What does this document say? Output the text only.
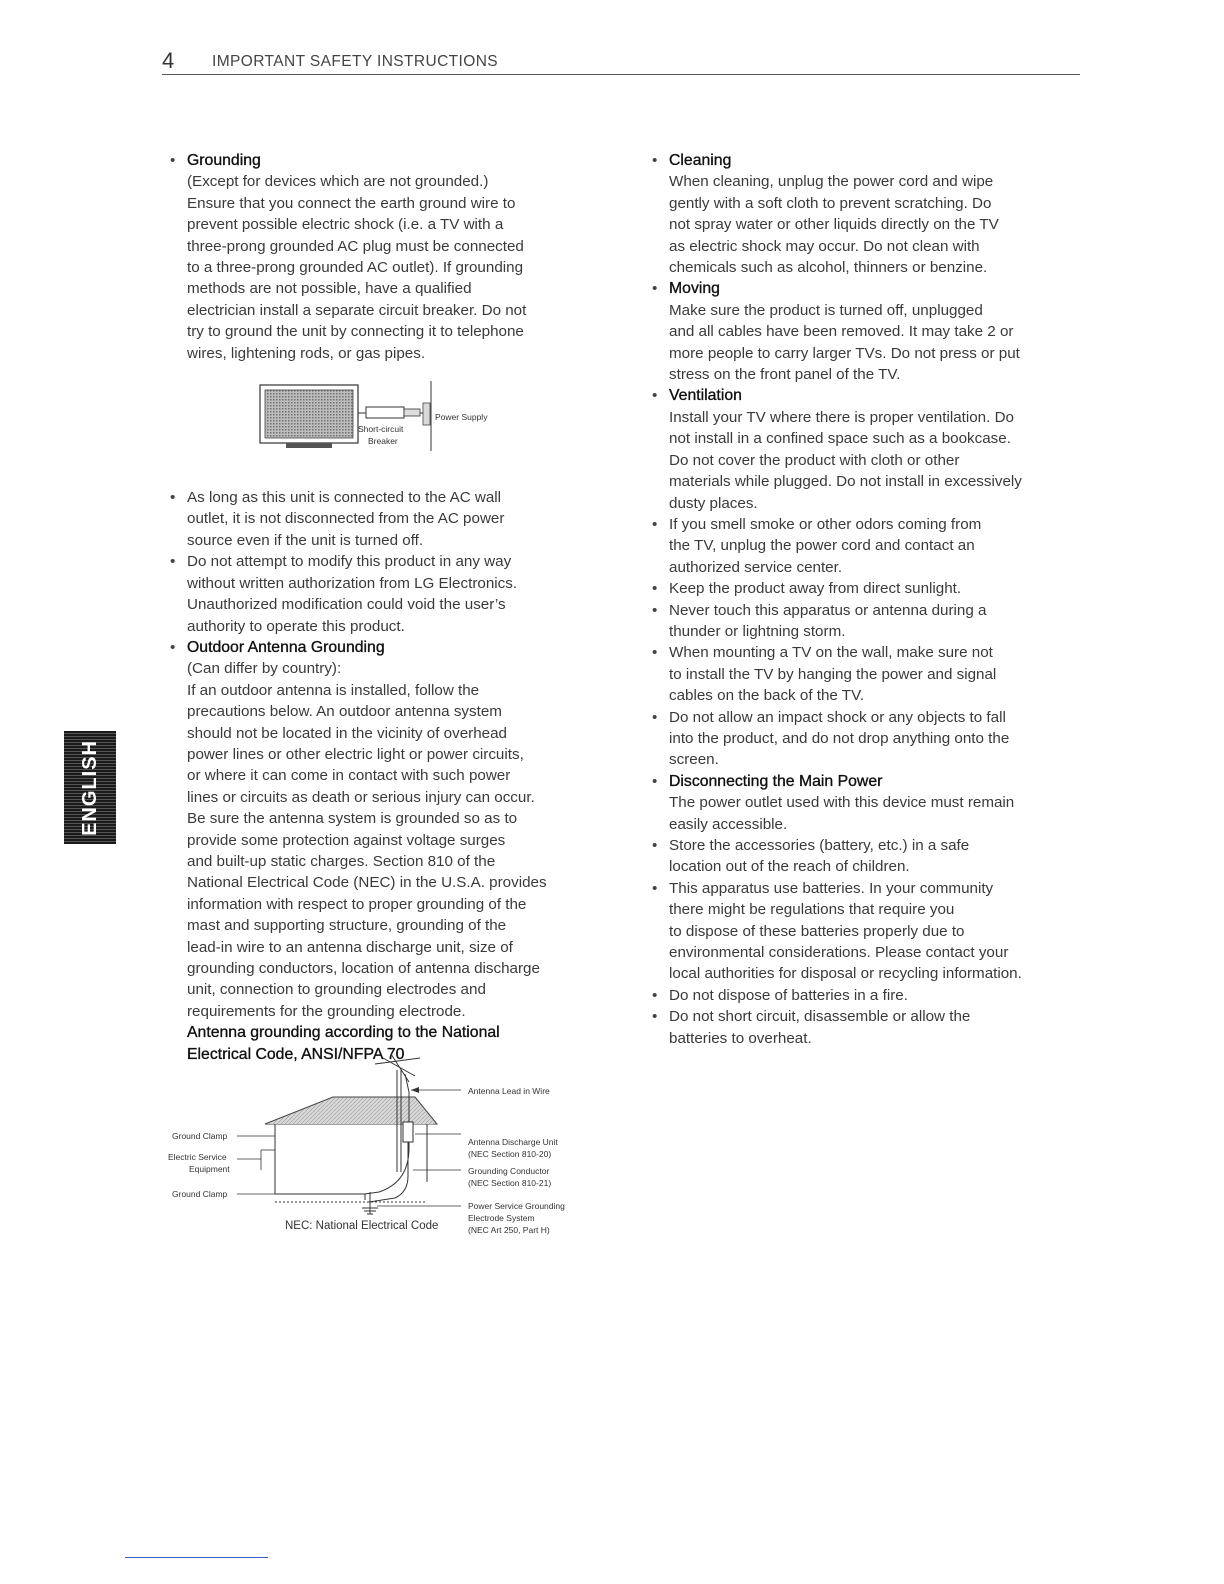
4 IMPORTANT SAFETY INSTRUCTIONS
ENGLISH
• Grounding

(Except for devices which are not grounded.)
Ensure that you connect the earth ground wire to
prevent possible electric shock (i.e. a TV with a
three-prong grounded AC plug must be connected
to a three-prong grounded AC outlet). If grounding
methods are not possible, have a qualified
electrician install a separate circuit breaker. Do not
try to ground the unit by connecting it to telephone
wires, lightening rods, or gas pipes.

• As long as this unit is connected to the AC wall
outlet, it is not disconnected from the AC power
source even if the unit is turned off.

• Do not attempt to modify this product in any way
without written authorization from LG Electronics.
Unauthorized modification could void the user’s
authority to operate this product.

• Outdoor Antenna Grounding

(Can differ by country):
If an outdoor antenna is installed, follow the
precautions below. An outdoor antenna system
should not be located in the vicinity of overhead
power lines or other electric light or power circuits,
or where it can come in contact with such power
lines or circuits as death or serious injury can occur.
Be sure the antenna system is grounded so as to
provide some protection against voltage surges
and built-up static charges. Section 810 of the
National Electrical Code (NEC) in the U.S.A. provides
information with respect to proper grounding of the
mast and supporting structure, grounding of the
lead-in wire to an antenna discharge unit, size of
grounding conductors, location of antenna discharge
unit, connection to grounding electrodes and
requirements for the grounding electrode.

Antenna grounding according to the National
Electrical Code, ANSI/NFPA 70
Power Supply
Short-circuit
Breaker
Antenna Lead in Wire
Ground Clamp
Electric Service
Equipment
Ground Clamp
Antenna Discharge Unit
(NEC Section 810-20)
Grounding Conductor
(NEC Section 810-21)
Power Service Grounding
Electrode System
(NEC Art 250, Part H)
NEC: National Electrical Code
• Cleaning

When cleaning, unplug the power cord and wipe
gently with a soft cloth to prevent scratching. Do
not spray water or other liquids directly on the TV
as electric shock may occur. Do not clean with
chemicals such as alcohol, thinners or benzine.

• Moving

Make sure the product is turned off, unplugged
and all cables have been removed. It may take 2 or
more people to carry larger TVs. Do not press or put
stress on the front panel of the TV.

• Ventilation

Install your TV where there is proper ventilation. Do
not install in a confined space such as a bookcase.
Do not cover the product with cloth or other
materials while plugged. Do not install in excessively
dusty places.

• If you smell smoke or other odors coming from
the TV, unplug the power cord and contact an
authorized service center.

• Keep the product away from direct sunlight.

• Never touch this apparatus or antenna during a
thunder or lightning storm.

• When mounting a TV on the wall, make sure not
to install the TV by hanging the power and signal
cables on the back of the TV.

• Do not allow an impact shock or any objects to fall
into the product, and do not drop anything onto the
screen.

• Disconnecting the Main Power

The power outlet used with this device must remain
easily accessible.

• Store the accessories (battery, etc.) in a safe
location out of the reach of children.

• This apparatus use batteries. In your community
there might be regulations that require you
to dispose of these batteries properly due to
environmental considerations. Please contact your
local authorities for disposal or recycling information.

• Do not dispose of batteries in a fire.

• Do not short circuit, disassemble or allow the
batteries to overheat.
